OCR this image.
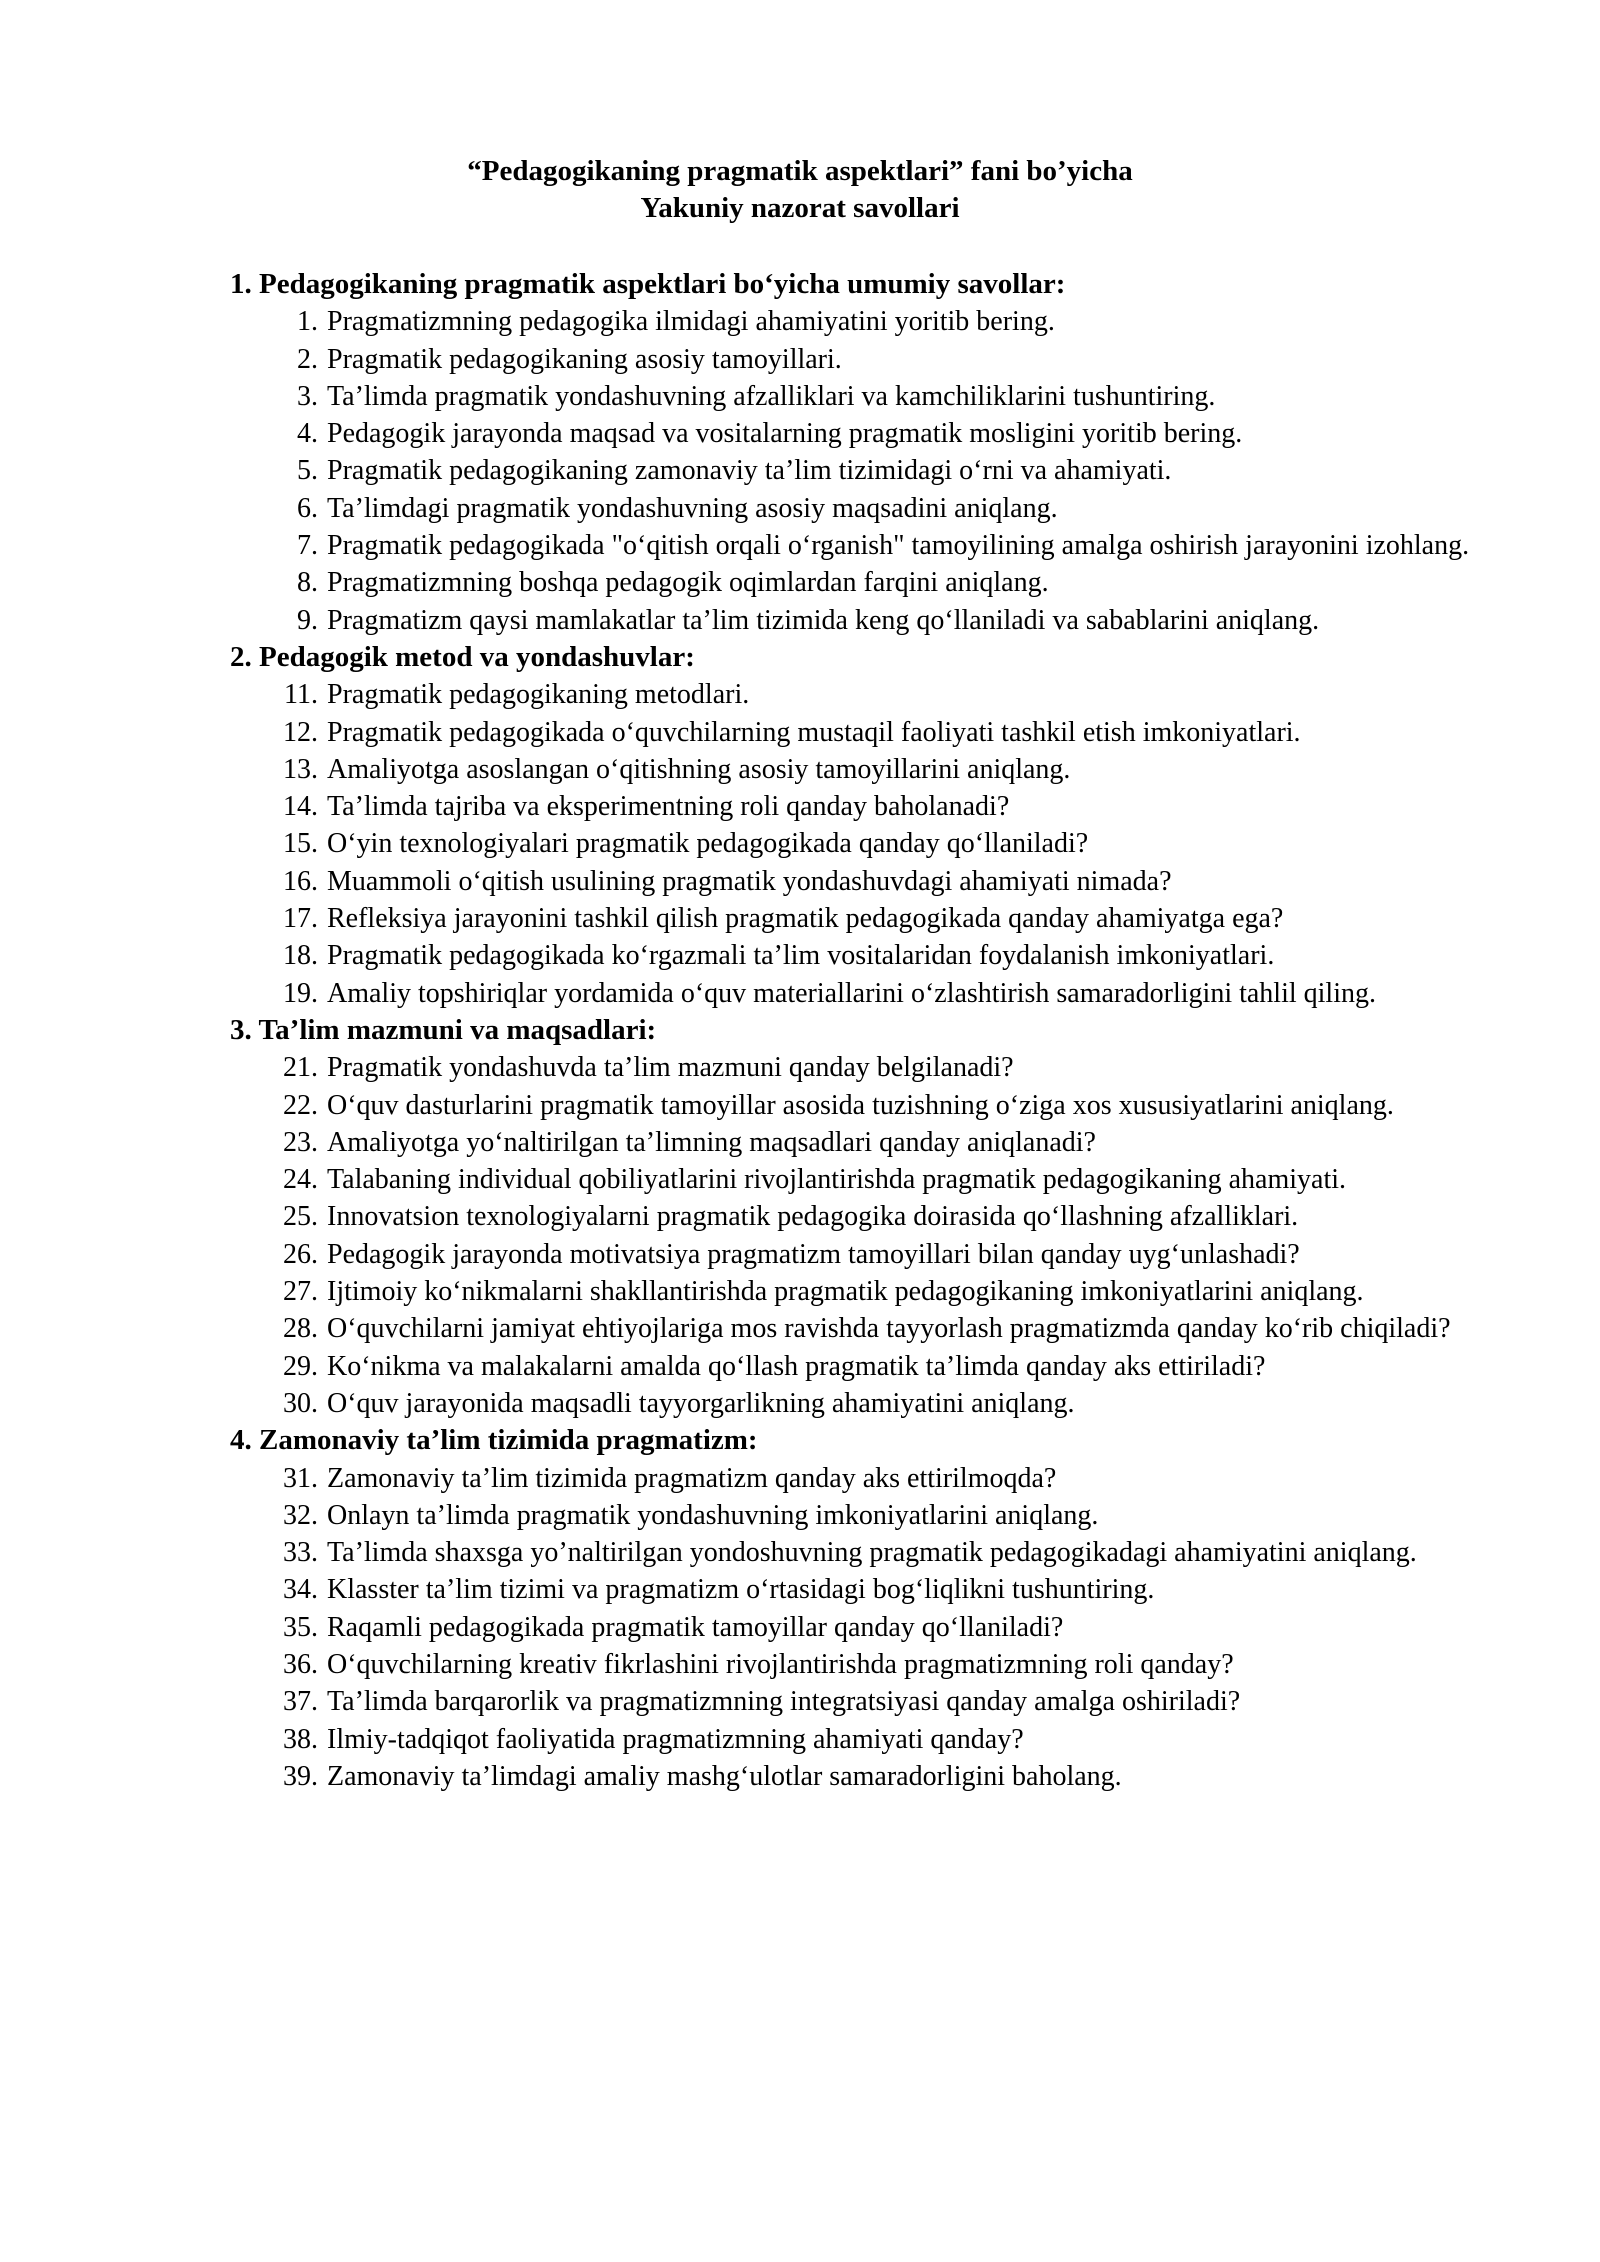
“Pedagogikaning pragmatik aspektlari” fani bo’yicha
Yakuniy nazorat savollari
1. Pedagogikaning pragmatik aspektlari bo‘yicha umumiy savollar:
1. Pragmatizmning pedagogika ilmidagi ahamiyatini yoritib bering.
2. Pragmatik pedagogikaning asosiy tamoyillari.
3. Ta’limda pragmatik yondashuvning afzalliklari va kamchiliklarini tushuntiring.
4. Pedagogik jarayonda maqsad va vositalarning pragmatik mosligini yoritib bering.
5. Pragmatik pedagogikaning zamonaviy ta’lim tizimidagi o‘rni va ahamiyati.
6. Ta’limdagi pragmatik yondashuvning asosiy maqsadini aniqlang.
7. Pragmatik pedagogikada "o‘qitish orqali o‘rganish" tamoyilining amalga oshirish jarayonini izohlang.
8. Pragmatizmning boshqa pedagogik oqimlardan farqini aniqlang.
9. Pragmatizm qaysi mamlakatlar ta’lim tizimida keng qo‘llaniladi va sabablarini aniqlang.
2. Pedagogik metod va yondashuvlar:
11. Pragmatik pedagogikaning metodlari.
12. Pragmatik pedagogikada o‘quvchilarning mustaqil faoliyati tashkil etish imkoniyatlari.
13. Amaliyotga asoslangan o‘qitishning asosiy tamoyillarini aniqlang.
14. Ta’limda tajriba va eksperimentning roli qanday baholanadi?
15. O‘yin texnologiyalari pragmatik pedagogikada qanday qo‘llaniladi?
16. Muammoli o‘qitish usulining pragmatik yondashuvdagi ahamiyati nimada?
17. Refleksiya jarayonini tashkil qilish pragmatik pedagogikada qanday ahamiyatga ega?
18. Pragmatik pedagogikada ko‘rgazmali ta’lim vositalaridan foydalanish imkoniyatlari.
19. Amaliy topshiriqlar yordamida o‘quv materiallarini o‘zlashtirish samaradorligini tahlil qiling.
3. Ta’lim mazmuni va maqsadlari:
21. Pragmatik yondashuvda ta’lim mazmuni qanday belgilanadi?
22. O‘quv dasturlarini pragmatik tamoyillar asosida tuzishning o‘ziga xos xususiyatlarini aniqlang.
23. Amaliyotga yo‘naltirilgan ta’limning maqsadlari qanday aniqlanadi?
24. Talabaning individual qobiliyatlarini rivojlantirishda pragmatik pedagogikaning ahamiyati.
25. Innovatsion texnologiyalarni pragmatik pedagogika doirasida qo‘llashning afzalliklari.
26. Pedagogik jarayonda motivatsiya pragmatizm tamoyillari bilan qanday uyg‘unlashadi?
27. Ijtimoiy ko‘nikmalarni shakllantirishda pragmatik pedagogikaning imkoniyatlarini aniqlang.
28. O‘quvchilarni jamiyat ehtiyojlariga mos ravishda tayyorlash pragmatizmda qanday ko‘rib chiqiladi?
29. Ko‘nikma va malakalarni amalda qo‘llash pragmatik ta’limda qanday aks ettiriladi?
30. O‘quv jarayonida maqsadli tayyorgarlikning ahamiyatini aniqlang.
4. Zamonaviy ta’lim tizimida pragmatizm:
31. Zamonaviy ta’lim tizimida pragmatizm qanday aks ettirilmoqda?
32. Onlayn ta’limda pragmatik yondashuvning imkoniyatlarini aniqlang.
33. Ta’limda shaxsga yo’naltirilgan yondoshuvning pragmatik pedagogikadagi ahamiyatini aniqlang.
34. Klasster ta’lim tizimi va pragmatizm o‘rtasidagi bog‘liqlikni tushuntiring.
35. Raqamli pedagogikada pragmatik tamoyillar qanday qo‘llaniladi?
36. O‘quvchilarning kreativ fikrlashini rivojlantirishda pragmatizmning roli qanday?
37. Ta’limda barqarorlik va pragmatizmning integratsiyasi qanday amalga oshiriladi?
38. Ilmiy-tadqiqot faoliyatida pragmatizmning ahamiyati qanday?
39. Zamonaviy ta’limdagi amaliy mashg‘ulotlar samaradorligini baholang.
